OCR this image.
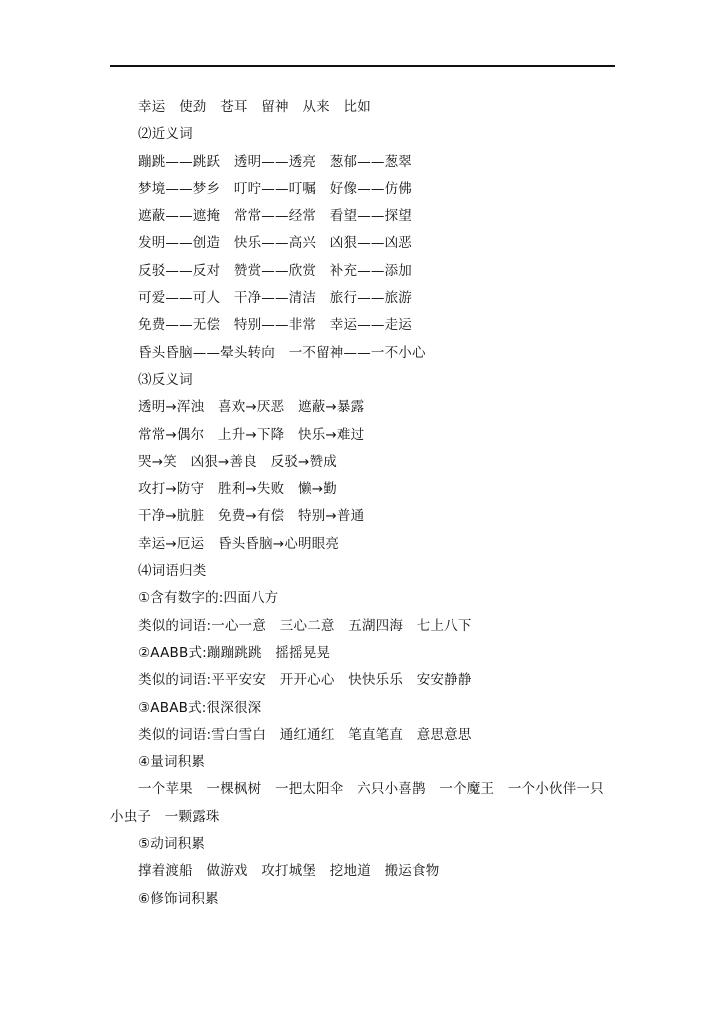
幸运　使劲　苍耳　留神　从来　比如
⑵近义词
蹦跳——跳跃　透明——透亮　葱郁——葱翠
梦境——梦乡　叮咛——叮嘱　好像——仿佛
遮蔽——遮掩　常常——经常　看望——探望
发明——创造　快乐——高兴　凶狠——凶恶
反驳——反对　赞赏——欣赏　补充——添加
可爱——可人　干净——清洁　旅行——旅游
免费——无偿　特别——非常　幸运——走运
昏头昏脑——晕头转向　一不留神——一不小心
⑶反义词
透明→浑浊　喜欢→厌恶　遮蔽→暴露
常常→偶尔　上升→下降　快乐→难过
哭→笑　凶狠→善良　反驳→赞成
攻打→防守　胜利→失败　懒→勤
干净→肮脏　免费→有偿　特别→普通
幸运→厄运　昏头昏脑→心明眼亮
⑷词语归类
①含有数字的:四面八方
类似的词语:一心一意　三心二意　五湖四海　七上八下
②AABB式:蹦蹦跳跳　摇摇晃晃
类似的词语:平平安安　开开心心　快快乐乐　安安静静
③ABAB式:很深很深
类似的词语:雪白雪白　通红通红　笔直笔直　意思意思
④量词积累
一个苹果　一棵枫树　一把太阳伞　六只小喜鹊　一个魔王　一个小伙伴一只小虫子　一颗露珠
⑤动词积累
撑着渡船　做游戏　攻打城堡　挖地道　搬运食物
⑥修饰词积累
